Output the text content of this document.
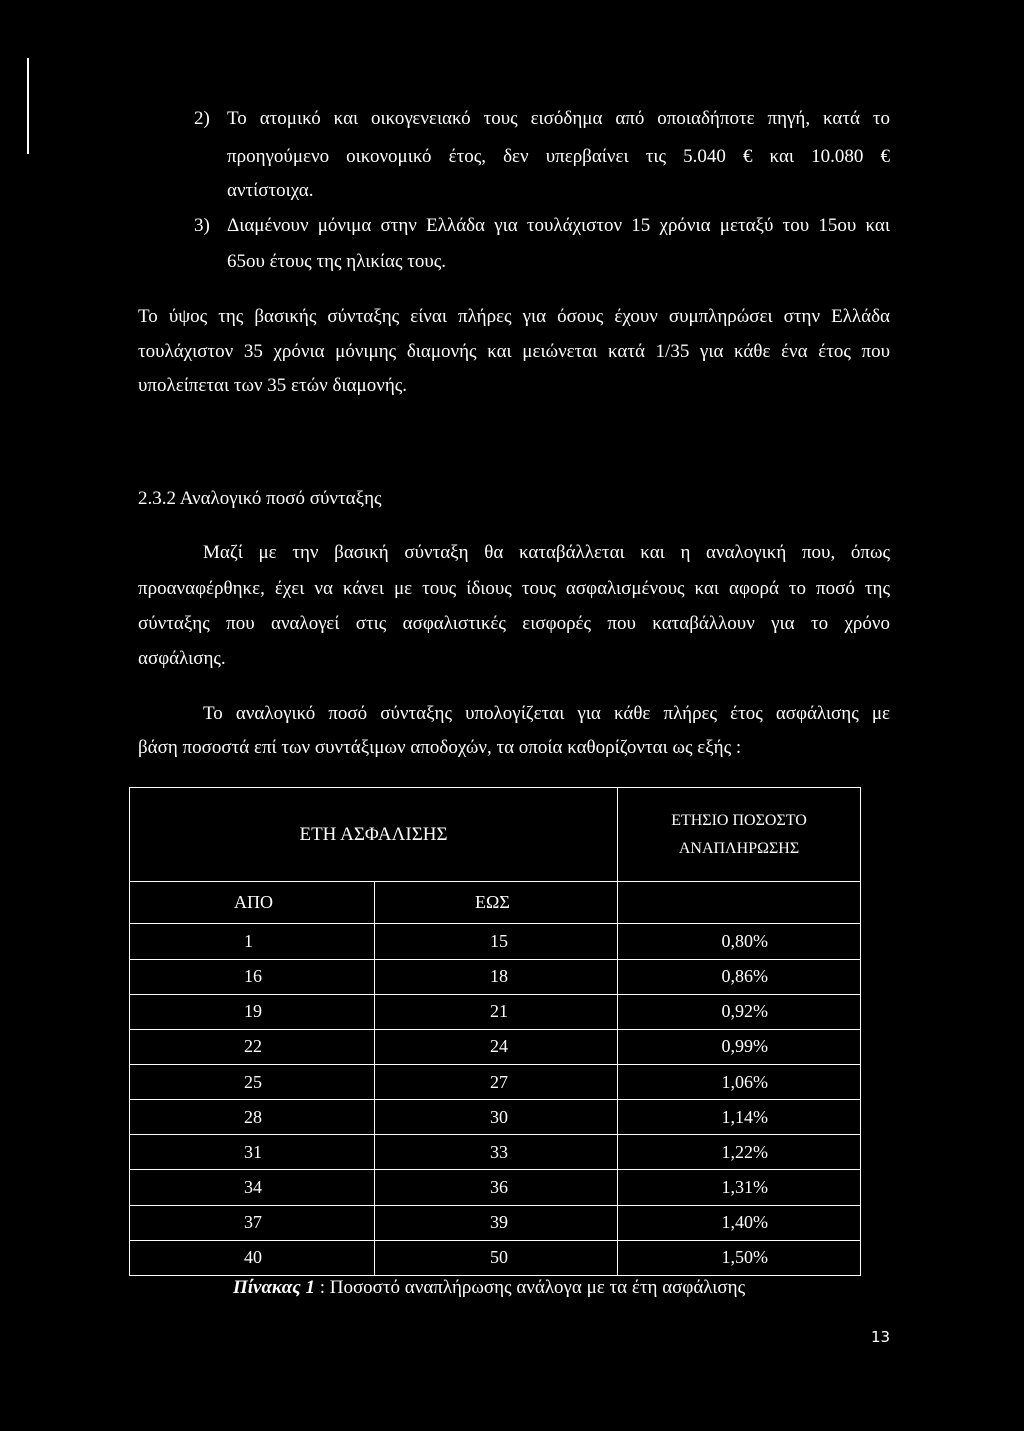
2) Το ατομικό και οικογενειακό τους εισόδημα από οποιαδήποτε πηγή, κατά το
προηγούμενο οικονομικό έτος, δεν υπερβαίνει τις 5.040 € και 10.080 €
αντίστοιχα.
3) Διαμένουν μόνιμα στην Ελλάδα για τουλάχιστον 15 χρόνια μεταξύ του 15ου και
65ου έτους της ηλικίας τους.
Το ύψος της βασικής σύνταξης είναι πλήρες για όσους έχουν συμπληρώσει στην Ελλάδα
τουλάχιστον 35 χρόνια μόνιμης διαμονής και μειώνεται κατά 1/35 για κάθε ένα έτος που
υπολείπεται των 35 ετών διαμονής.
2.3.2 Αναλογικό ποσό σύνταξης
Μαζί με την βασική σύνταξη θα καταβάλλεται και η αναλογική που, όπως
προαναφέρθηκε, έχει να κάνει με τους ίδιους τους ασφαλισμένους και αφορά το ποσό της
σύνταξης που αναλογεί στις ασφαλιστικές εισφορές που καταβάλλουν για το χρόνο
ασφάλισης.
Το αναλογικό ποσό σύνταξης υπολογίζεται για κάθε πλήρες έτος ασφάλισης με
βάση ποσοστά επί των συντάξιμων αποδοχών, τα οποία καθορίζονται ως εξής :
ΕΤΗ ΑΣΦΑΛΙΣΗΣ		ΕΤΗΣΙΟ ΠΟΣΟΣΤΟ
ΑΝΑΠΛΗΡΩΣΗΣ

ΑΠΟ	ΕΩΣ	
1	15	0,80%
16	18	0,86%
19	21	0,92%
22	24	0,99%
25	27	1,06%
28	30	1,14%
31	33	1,22%
34	36	1,31%
37	39	1,40%
40	50	1,50%
Πίνακας 1 : Ποσοστό αναπλήρωσης ανάλογα με τα έτη ασφάλισης
13
